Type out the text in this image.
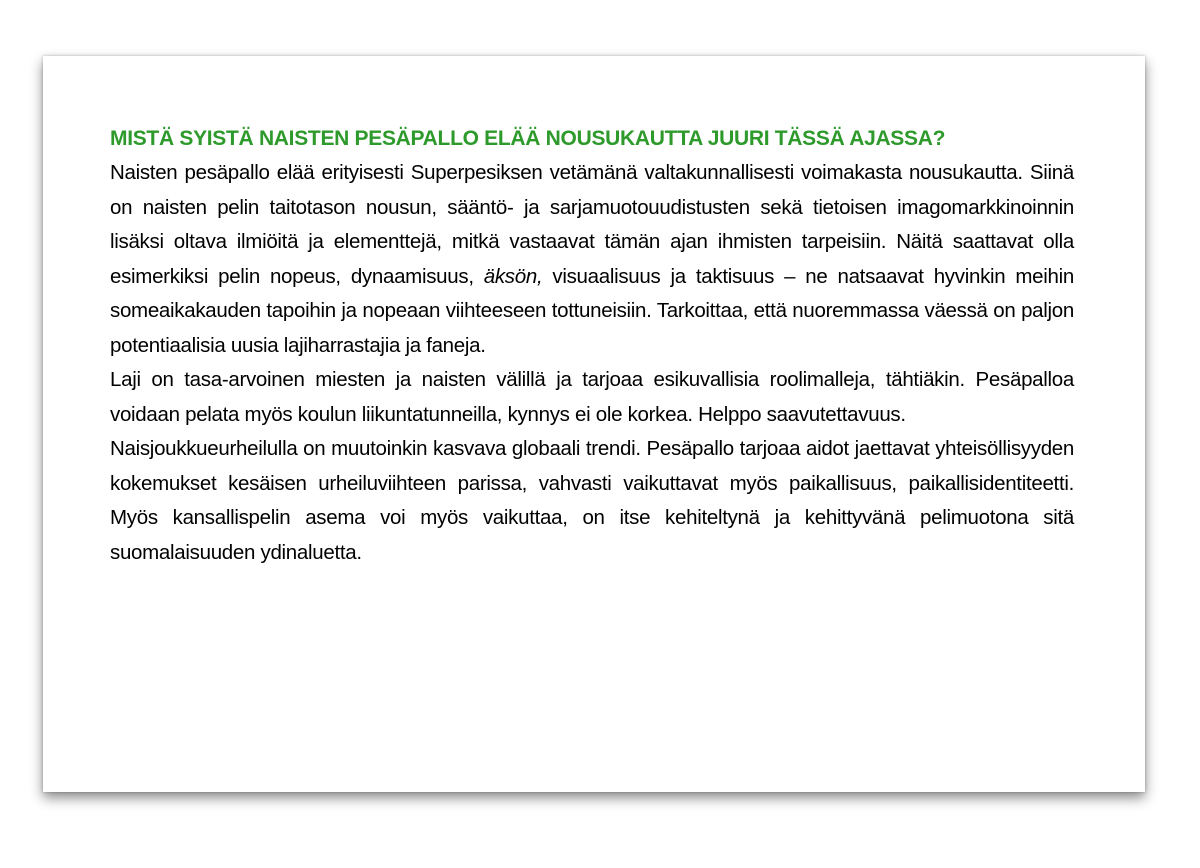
MISTÄ SYISTÄ NAISTEN PESÄPALLO ELÄÄ NOUSUKAUTTA JUURI TÄSSÄ AJASSA?

Naisten pesäpallo elää erityisesti Superpesiksen vetämänä valtakunnallisesti voimakasta nousukautta. Siinä on naisten pelin taitotason nousun, sääntö- ja sarjamuotouudistusten sekä tietoisen imagomarkkinoinnin lisäksi oltava ilmiöitä ja elementtejä, mitkä vastaavat tämän ajan ihmisten tarpeisiin. Näitä saattavat olla esimerkiksi pelin nopeus, dynaamisuus, äksön, visuaalisuus ja taktisuus – ne natsaavat hyvinkin meihin someaikakauden tapoihin ja nopeaan viihteeseen tottuneisiin. Tarkoittaa, että nuoremmassa väessä on paljon potentiaalisia uusia lajiharrastajia ja faneja.

Laji on tasa-arvoinen miesten ja naisten välillä ja tarjoaa esikuvallisia roolimalleja, tähtiäkin. Pesäpalloa voidaan pelata myös koulun liikuntatunneilla, kynnys ei ole korkea. Helppo saavutettavuus.

Naisjoukkueurheilulla on muutoinkin kasvava globaali trendi. Pesäpallo tarjoaa aidot jaettavat yhteisöllisyyden kokemukset kesäisen urheiluviihteen parissa, vahvasti vaikuttavat myös paikallisuus, paikallisidentiteetti. Myös kansallispelin asema voi myös vaikuttaa, on itse kehiteltynä ja kehittyvänä pelimuotona sitä suomalaisuuden ydinaluetta.
